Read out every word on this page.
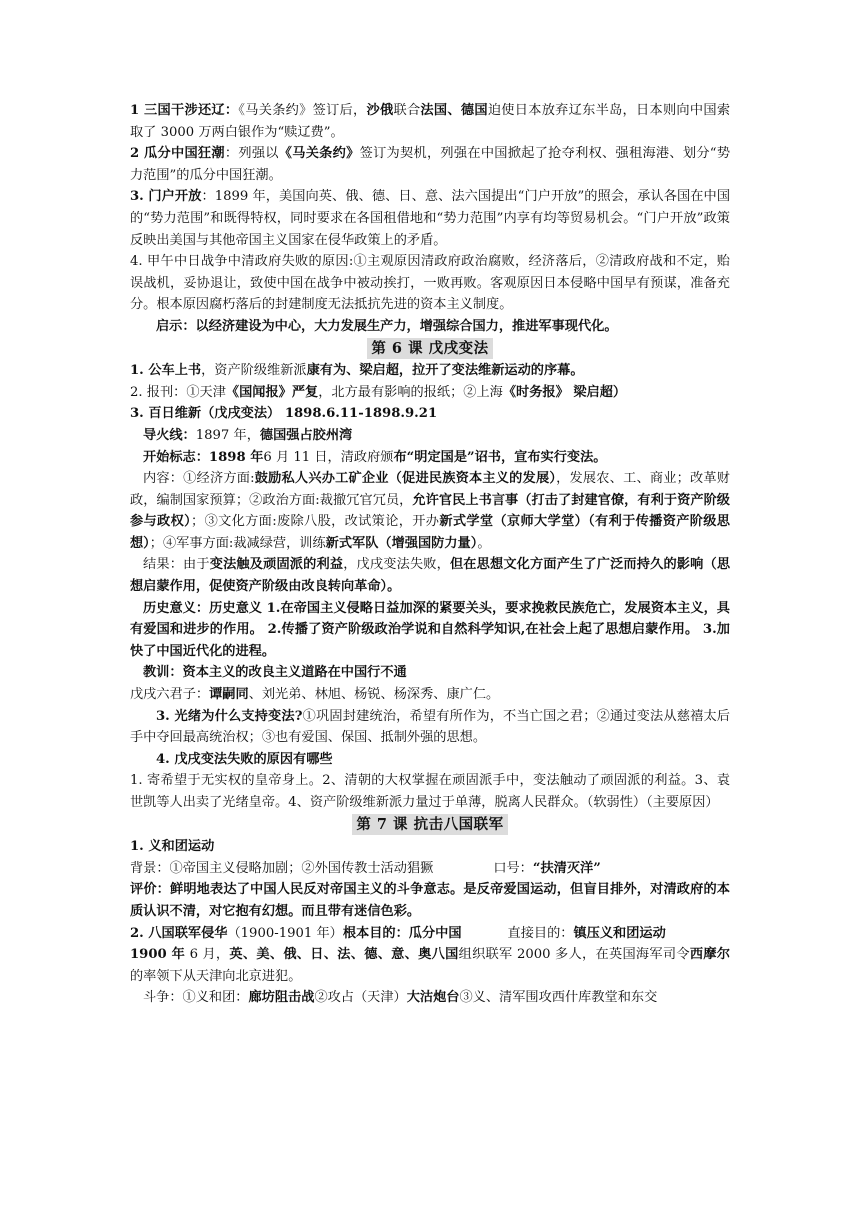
1 三国干涉还辽：《马关条约》签订后，沙俄联合法国、德国迫使日本放弃辽东半岛，日本则向中国索取了 3000 万两白银作为“赎辽费”。

2 瓜分中国狂潮：列强以《马关条约》签订为契机，列强在中国掀起了抢夺利权、强租海港、划分“势力范围”的瓜分中国狂潮。

3. 门户开放：1899 年，美国向英、俄、德、日、意、法六国提出“门户开放”的照会，承认各国在中国的“势力范围”和既得特权，同时要求在各国租借地和“势力范围”内享有均等贸易机会。“门户开放”政策反映出美国与其他帝国主义国家在侵华政策上的矛盾。

4. 甲午中日战争中清政府失败的原因:①主观原因清政府政治腐败，经济落后，②清政府战和不定，贻误战机，妥协退让，致使中国在战争中被动挨打，一败再败。客观原因日本侵略中国早有预谋，准备充分。根本原因腐朽落后的封建制度无法抵抗先进的资本主义制度。

启示：以经济建设为中心，大力发展生产力，增强综合国力，推进军事现代化。

第 6 课 戊戌变法

1. 公车上书，资产阶级维新派康有为、梁启超，拉开了变法维新运动的序幕。

2. 报刊：①天津《国闻报》严复，北方最有影响的报纸；②上海《时务报》 梁启超）

3. 百日维新（戊戌变法） 1898.6.11-1898.9.21

导火线：1897 年，德国强占胶州湾

开始标志：1898 年6 月 11 日，清政府颁布“明定国是”诏书，宣布实行变法。

内容：①经济方面:鼓励私人兴办工矿企业（促进民族资本主义的发展），发展农、工、商业；改革财政，编制国家预算；②政治方面:裁撤冗官冗员，允许官民上书言事（打击了封建官僚，有利于资产阶级参与政权）；③文化方面:废除八股，改试策论，开办新式学堂（京师大学堂）（有利于传播资产阶级思想）；④军事方面:裁减绿营，训练新式军队（增强国防力量）。

结果：由于变法触及顽固派的利益，戊戌变法失败，但在思想文化方面产生了广泛而持久的影响（思想启蒙作用，促使资产阶级由改良转向革命）。

历史意义：历史意义 1.在帝国主义侵略日益加深的紧要关头，要求挽救民族危亡，发展资本主义，具有爱国和进步的作用。 2.传播了资产阶级政治学说和自然科学知识,在社会上起了思想启蒙作用。 3.加快了中国近代化的进程。

教训：资本主义的改良主义道路在中国行不通

戊戌六君子：谭嗣同、刘光弟、林旭、杨锐、杨深秀、康广仁。

3. 光绪为什么支持变法?①巩固封建统治，希望有所作为，不当亡国之君；②通过变法从慈禧太后手中夺回最高统治权；③也有爱国、保国、抵制外强的思想。

4. 戊戌变法失败的原因有哪些

1. 寄希望于无实权的皇帝身上。2、清朝的大权掌握在顽固派手中，变法触动了顽固派的利益。3、袁世凯等人出卖了光绪皇帝。4、资产阶级维新派力量过于单薄，脱离人民群众。（软弱性）（主要原因）

第 7 课 抗击八国联军

1. 义和团运动

背景：①帝国主义侵略加剧；②外国传教士活动猖獗	口号：“扶清灭洋”

评价：鲜明地表达了中国人民反对帝国主义的斗争意志。是反帝爱国运动，但盲目排外，对清政府的本质认识不清，对它抱有幻想。而且带有迷信色彩。

2. 八国联军侵华（1900-1901 年）根本目的：瓜分中国	直接目的：镇压义和团运动
1900 年 6 月，英、美、俄、日、法、德、意、奥八国组织联军 2000 多人，在英国海军司令西摩尔的率领下从天津向北京进犯。

斗争：①义和团：廊坊阻击战②攻占（天津）大沽炮台③义、清军围攻西什库教堂和东交
